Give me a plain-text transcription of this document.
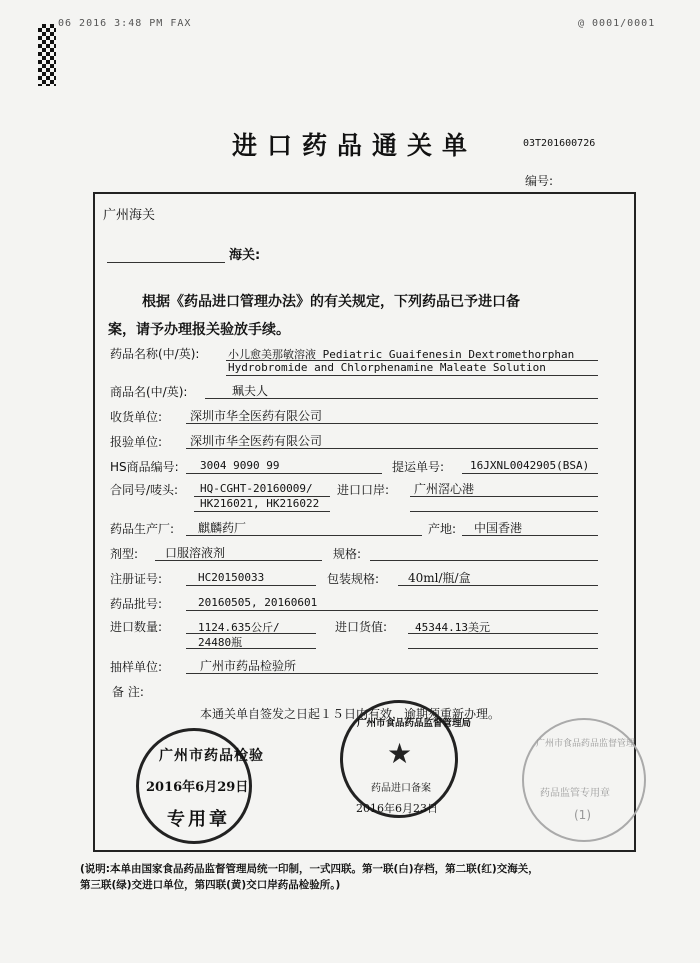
06 2016 3:48 PM FAX	@ 0001/0001
进口药品通关单	03T201600726
编号:
广州海关
海关:
根据《药品进口管理办法》的有关规定，下列药品已予进口备
案，请予办理报关验放手续。
药品名称(中/英):	小儿愈美那敏溶液 Pediatric Guaifenesin Dextromethorphan
Hydrobromide and Chlorphenamine Maleate Solution
商品名(中/英):	珮夫人
收货单位: 深圳市华全医药有限公司
报验单位: 深圳市华全医药有限公司
HS商品编号: 3004 9090 99	提运单号: 16JXNL0042905(BSA)
合同号/唛头: HQ-CGHT-20160009/
HK216021, HK216022
进口口岸: 广州滘心港
药品生产厂: 麒麟药厂	产地: 中国香港
剂型: 口服溶液剂	规格:
注册证号:	HC20150033	包装规格: 40ml/瓶/盒
药品批号:	20160505, 20160601
进口数量:	1124.635公斤/
24480瓶
进口货值:	45344.13美元
抽样单位:	广州市药品检验所
备 注:
本通关单自签发之日起１５日内有效，逾期须重新办理。
广州市药品检验
专用章
2016年6月29日
广州市食品药品监督管理局
★
药品进口备案
2016年6月23日
广州市食品药品监督管理
药品监管专用章
(1)
(说明:本单由国家食品药品监督管理局统一印制，一式四联。第一联(白)存档，第二联(红)交海关，
第三联(绿)交进口单位，第四联(黄)交口岸药品检验所。)
